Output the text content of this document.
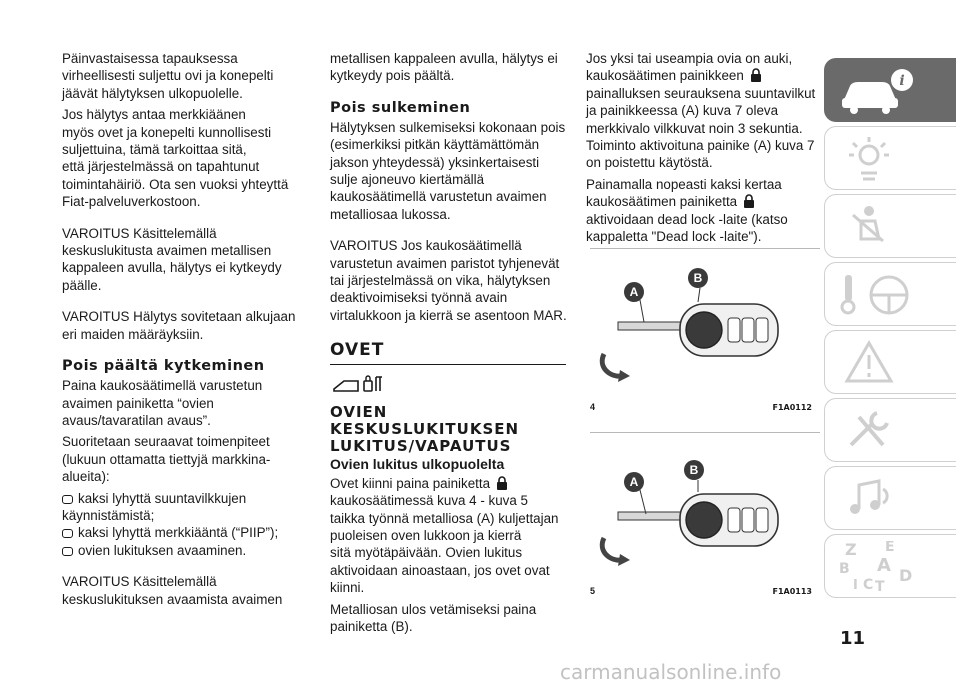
Päinvastaisessa tapauksessa
virheellisesti suljettu ovi ja konepelti
jäävät hälytyksen ulkopuolelle.
Jos hälytys antaa merkkiäänen
myös ovet ja konepelti kunnollisesti
suljettuina, tämä tarkoittaa sitä,
että järjestelmässä on tapahtunut
toimintahäiriö. Ota sen vuoksi yhteyttä
Fiat-palveluverkostoon.
VAROITUS Käsittelemällä
keskuslukitusta avaimen metallisen
kappaleen avulla, hälytys ei kytkeydy
päälle.
VAROITUS Hälytys sovitetaan alkujaan
eri maiden määräyksiin.
Pois päältä kytkeminen
Paina kaukosäätimellä varustetun
avaimen painiketta “ovien
avaus/tavaratilan avaus”.
Suoritetaan seuraavat toimenpiteet
(lukuun ottamatta tiettyjä markkina-
alueita):
kaksi lyhyttä suuntavilkkujen
käynnistämistä;
kaksi lyhyttä merkkiääntä (“PIIP”);
ovien lukituksen avaaminen.
VAROITUS Käsittelemällä
keskuslukituksen avaamista avaimen
metallisen kappaleen avulla, hälytys ei
kytkeydy pois päältä.
Pois sulkeminen
Hälytyksen sulkemiseksi kokonaan pois
(esimerkiksi pitkän käyttämättömän
jakson yhteydessä) yksinkertaisesti
sulje ajoneuvo kiertämällä
kaukosäätimellä varustetun avaimen
metalliosaa lukossa.
VAROITUS Jos kaukosäätimellä
varustetun avaimen paristot tyhjenevät
tai järjestelmässä on vika, hälytyksen
deaktivoimiseksi työnnä avain
virtalukkoon ja kierrä se asentoon MAR.
OVET
OVIEN
KESKUSLUKITUKSEN
LUKITUS/VAPAUTUS
Ovien lukitus ulkopuolelta
Ovet kiinni paina painiketta
kaukosäätimessä kuva 4 - kuva 5
taikka työnnä metalliosa (A) kuljettajan
puoleisen oven lukkoon ja kierrä
sitä myötäpäivään. Ovien lukitus
aktivoidaan ainoastaan, jos ovet ovat
kiinni.
Metalliosan ulos vetämiseksi paina
painiketta (B).
Jos yksi tai useampia ovia on auki,
kaukosäätimen painikkeen
painalluksen seurauksena suuntavilkut
ja painikkeessa (A) kuva 7 oleva
merkkivalo vilkkuvat noin 3 sekuntia.
Toiminto aktivoituna painike (A) kuva 7
on poistettu käytöstä.
Painamalla nopeasti kaksi kertaa
kaukosäätimen painiketta
aktivoidaan dead lock -laite (katso
kappaletta "Dead lock -laite").
A
B
4	F1A0112
A
B
5	F1A0113
i
Z E
B A
I C T
D
11
carmanualsonline.info
